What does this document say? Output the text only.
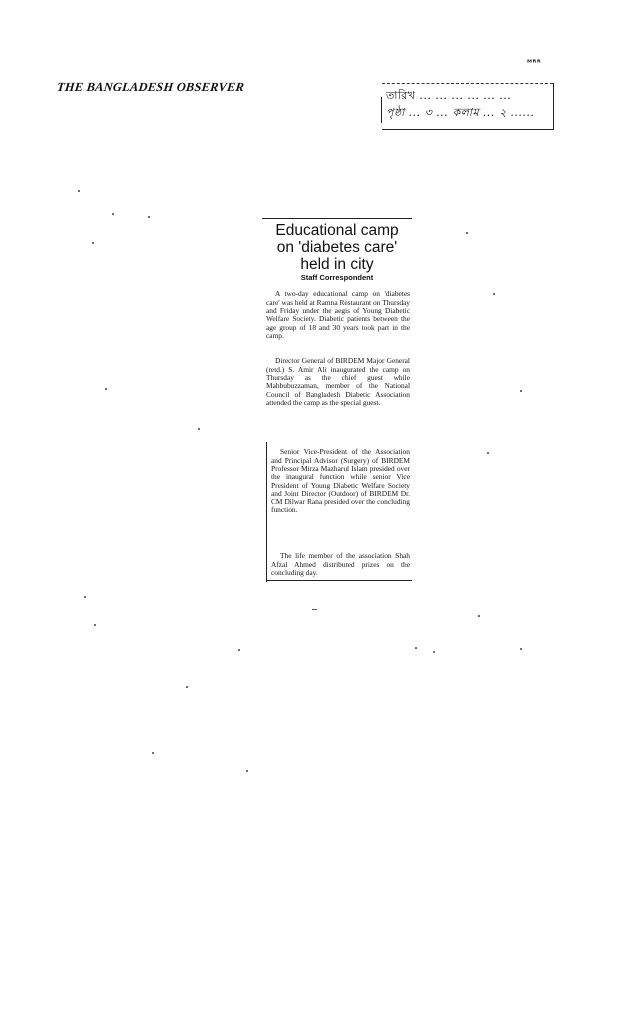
ᴹᴿᴿ
THE BANGLADESH OBSERVER
তারিখ ... ... ... ... ... ...
পৃষ্ঠা ... ৩ ... কলাম ... ২ ......
Educational camp
on 'diabetes care'
held in city
Staff Correspondent

A two-day educational camp on 'diabetes care' was held at Ramna Restaurant on Thursday and Friday under the aegis of Young Diabetic Welfare Society. Diabetic patients between the age group of 18 and 30 years took part in the camp.

Director General of BIRDEM Major General (retd.) S. Amir Ali inaugurated the camp on Thursday as the chief guest while Mahbubuzzaman, member of the National Council of Bangladesh Diabetic Association attended the camp as the special guest.

Senior Vice-President of the Association and Principal Advisor (Surgery) of BIRDEM Professor Mirza Mazharul Islam presided over the inaugural function while senior Vice President of Young Diabetic Welfare Society and Joint Director (Outdoor) of BIRDEM Dr. CM Dilwar Rana presided over the concluding function.

The life member of the association Shah Afzal Ahmed distributed prizes on the concluding day.
